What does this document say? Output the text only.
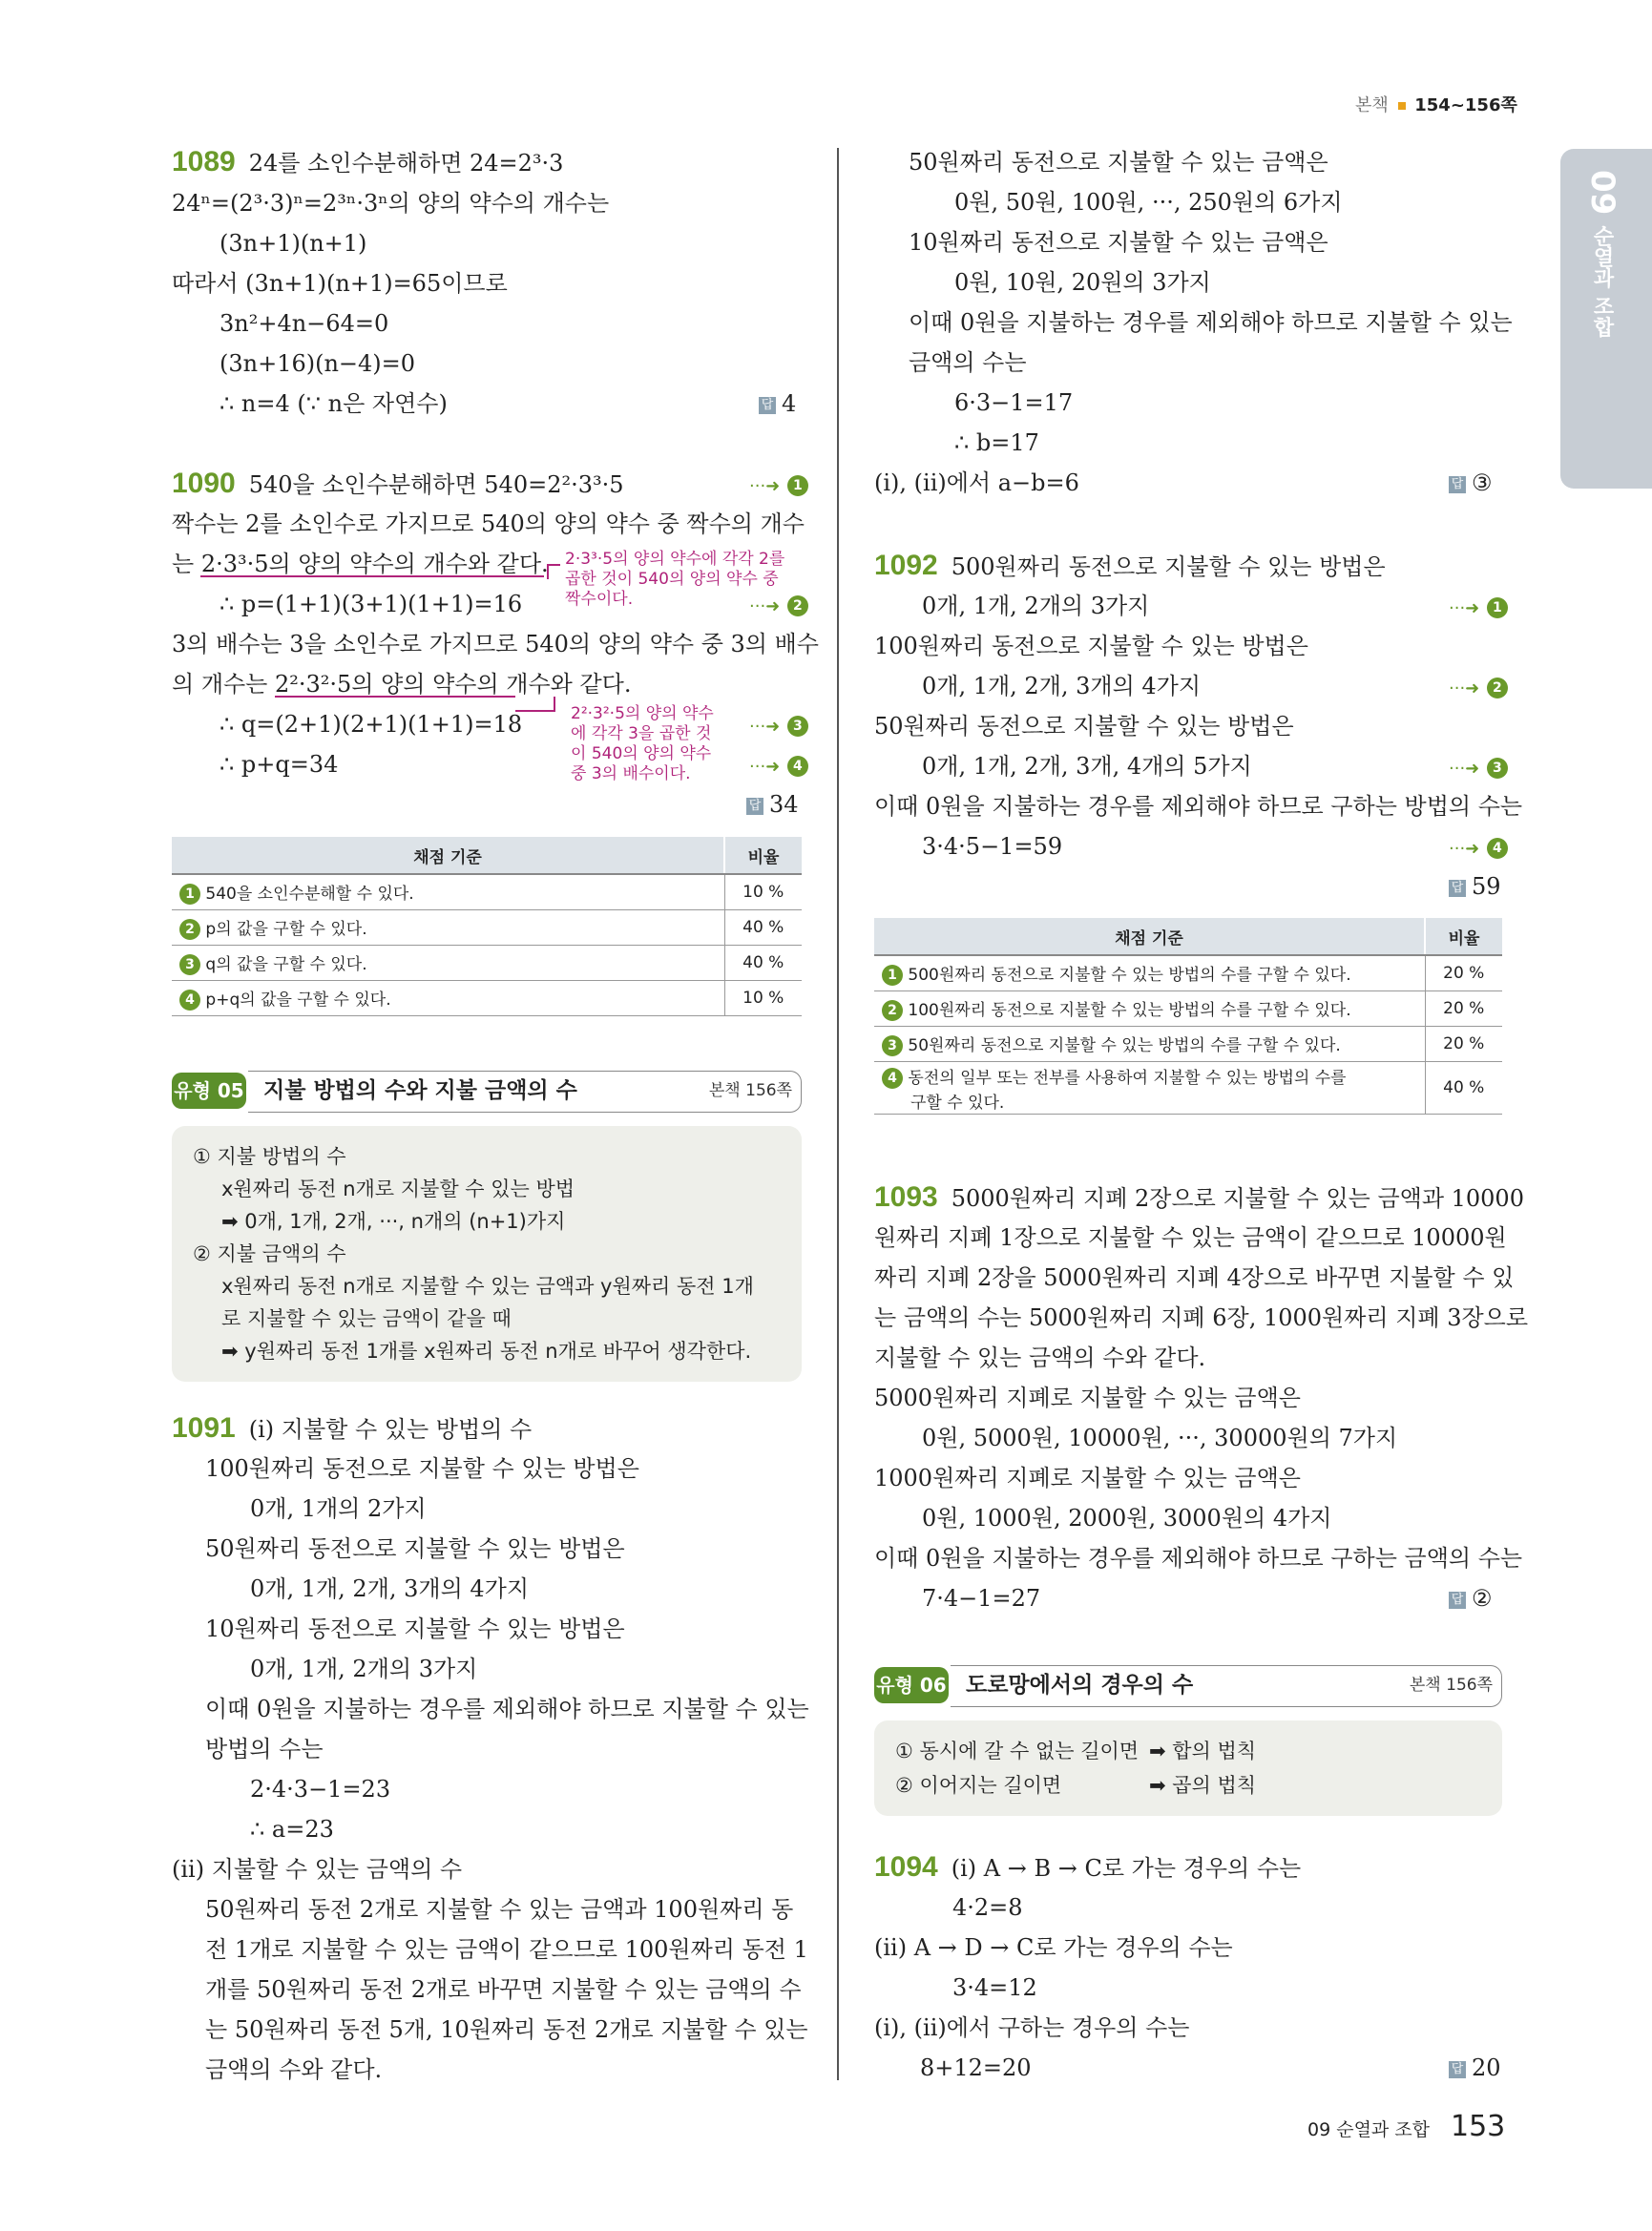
본책 154~156쪽
09
순열과 조합
1089 24를 소인수분해하면 24=2³·3
24ⁿ=(2³·3)ⁿ=2³ⁿ·3ⁿ의 양의 약수의 개수는
(3n+1)(n+1)
따라서 (3n+1)(n+1)=65이므로
3n²+4n−64=0
(3n+16)(n−4)=0
∴ n=4 (∵ n은 자연수)	답 4
1090 540을 소인수분해하면 540=2²·3³·5	···➜ 1
짝수는 2를 소인수로 가지므로 540의 양의 약수 중 짝수의 개수
는 2·3³·5의 양의 약수의 개수와 같다. 2·3³·5의 양의 약수에 각각 2를
곱한 것이 540의 양의 약수 중
짝수이다.
∴ p=(1+1)(3+1)(1+1)=16	···➜ 2
3의 배수는 3을 소인수로 가지므로 540의 양의 약수 중 3의 배수
의 개수는 2²·3²·5의 양의 약수의 개수와 같다.
2²·3²·5의 양의 약수
에 각각 3을 곱한 것
이 540의 양의 약수
중 3의 배수이다.
∴ q=(2+1)(2+1)(1+1)=18	···➜ 3
∴ p+q=34	···➜ 4
답 34
채점 기준	비율
1 540을 소인수분해할 수 있다.	10 %
2 p의 값을 구할 수 있다.	40 %
3 q의 값을 구할 수 있다.	40 %
4 p+q의 값을 구할 수 있다.	10 %
유형 05 지불 방법의 수와 지불 금액의 수	본책 156쪽
① 지불 방법의 수
x원짜리 동전 n개로 지불할 수 있는 방법
➡ 0개, 1개, 2개, ···, n개의 (n+1)가지
② 지불 금액의 수
x원짜리 동전 n개로 지불할 수 있는 금액과 y원짜리 동전 1개
로 지불할 수 있는 금액이 같을 때
➡ y원짜리 동전 1개를 x원짜리 동전 n개로 바꾸어 생각한다.
1091 (i) 지불할 수 있는 방법의 수
100원짜리 동전으로 지불할 수 있는 방법은
0개, 1개의 2가지
50원짜리 동전으로 지불할 수 있는 방법은
0개, 1개, 2개, 3개의 4가지
10원짜리 동전으로 지불할 수 있는 방법은
0개, 1개, 2개의 3가지
이때 0원을 지불하는 경우를 제외해야 하므로 지불할 수 있는
방법의 수는
2·4·3−1=23
∴ a=23
(ii) 지불할 수 있는 금액의 수
50원짜리 동전 2개로 지불할 수 있는 금액과 100원짜리 동
전 1개로 지불할 수 있는 금액이 같으므로 100원짜리 동전 1
개를 50원짜리 동전 2개로 바꾸면 지불할 수 있는 금액의 수
는 50원짜리 동전 5개, 10원짜리 동전 2개로 지불할 수 있는
금액의 수와 같다.
50원짜리 동전으로 지불할 수 있는 금액은
0원, 50원, 100원, ···, 250원의 6가지
10원짜리 동전으로 지불할 수 있는 금액은
0원, 10원, 20원의 3가지
이때 0원을 지불하는 경우를 제외해야 하므로 지불할 수 있는
금액의 수는
6·3−1=17
∴ b=17
(i), (ii)에서 a−b=6	답 ③
1092 500원짜리 동전으로 지불할 수 있는 방법은
0개, 1개, 2개의 3가지	···➜ 1
100원짜리 동전으로 지불할 수 있는 방법은
0개, 1개, 2개, 3개의 4가지	···➜ 2
50원짜리 동전으로 지불할 수 있는 방법은
0개, 1개, 2개, 3개, 4개의 5가지	···➜ 3
이때 0원을 지불하는 경우를 제외해야 하므로 구하는 방법의 수는
3·4·5−1=59	···➜ 4
답 59
채점 기준	비율
1 500원짜리 동전으로 지불할 수 있는 방법의 수를 구할 수 있다.	20 %
2 100원짜리 동전으로 지불할 수 있는 방법의 수를 구할 수 있다.	20 %
3 50원짜리 동전으로 지불할 수 있는 방법의 수를 구할 수 있다.	20 %
4 동전의 일부 또는 전부를 사용하여 지불할 수 있는 방법의 수를
구할 수 있다.	40 %
1093 5000원짜리 지폐 2장으로 지불할 수 있는 금액과 10000
원짜리 지폐 1장으로 지불할 수 있는 금액이 같으므로 10000원
짜리 지폐 2장을 5000원짜리 지폐 4장으로 바꾸면 지불할 수 있
는 금액의 수는 5000원짜리 지폐 6장, 1000원짜리 지폐 3장으로
지불할 수 있는 금액의 수와 같다.
5000원짜리 지폐로 지불할 수 있는 금액은
0원, 5000원, 10000원, ···, 30000원의 7가지
1000원짜리 지폐로 지불할 수 있는 금액은
0원, 1000원, 2000원, 3000원의 4가지
이때 0원을 지불하는 경우를 제외해야 하므로 구하는 금액의 수는
7·4−1=27	답 ②
유형 06 도로망에서의 경우의 수	본책 156쪽
① 동시에 갈 수 없는 길이면 ➡ 합의 법칙
② 이어지는 길이면	➡ 곱의 법칙
1094 (i) A → B → C로 가는 경우의 수는
4·2=8
(ii) A → D → C로 가는 경우의 수는
3·4=12
(i), (ii)에서 구하는 경우의 수는
8+12=20	답 20
09 순열과 조합 153
